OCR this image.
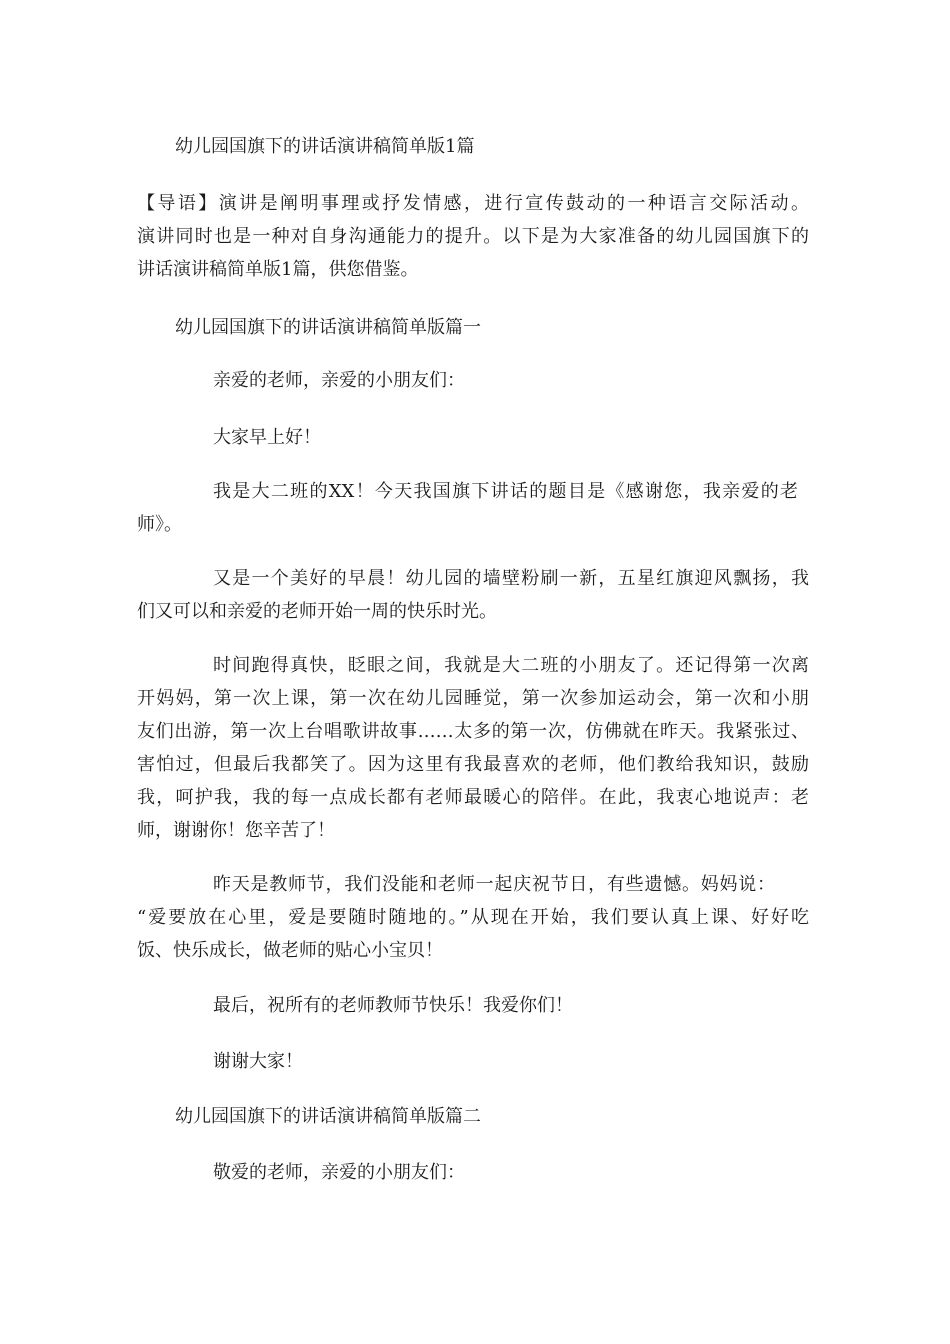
幼儿园国旗下的讲话演讲稿简单版1篇

【导语】演讲是阐明事理或抒发情感，进行宣传鼓动的一种语言交际活动。

演讲同时也是一种对自身沟通能力的提升。以下是为大家准备的幼儿园国旗下的

讲话演讲稿简单版1篇，供您借鉴。

幼儿园国旗下的讲话演讲稿简单版篇一

亲爱的老师，亲爱的小朋友们：

大家早上好！

我是大二班的XX！今天我国旗下讲话的题目是《感谢您，我亲爱的老

师》。

又是一个美好的早晨！幼儿园的墙壁粉刷一新，五星红旗迎风飘扬，我

们又可以和亲爱的老师开始一周的快乐时光。

时间跑得真快，眨眼之间，我就是大二班的小朋友了。还记得第一次离

开妈妈，第一次上课，第一次在幼儿园睡觉，第一次参加运动会，第一次和小朋

友们出游，第一次上台唱歌讲故事……太多的第一次，仿佛就在昨天。我紧张过、

害怕过，但最后我都笑了。因为这里有我最喜欢的老师，他们教给我知识，鼓励

我，呵护我，我的每一点成长都有老师最暖心的陪伴。在此，我衷心地说声：老

师，谢谢你！您辛苦了！

昨天是教师节，我们没能和老师一起庆祝节日，有些遗憾。妈妈说：

“爱要放在心里，爱是要随时随地的。”从现在开始，我们要认真上课、好好吃

饭、快乐成长，做老师的贴心小宝贝！

最后，祝所有的老师教师节快乐！我爱你们！

谢谢大家！

幼儿园国旗下的讲话演讲稿简单版篇二

敬爱的老师，亲爱的小朋友们：
